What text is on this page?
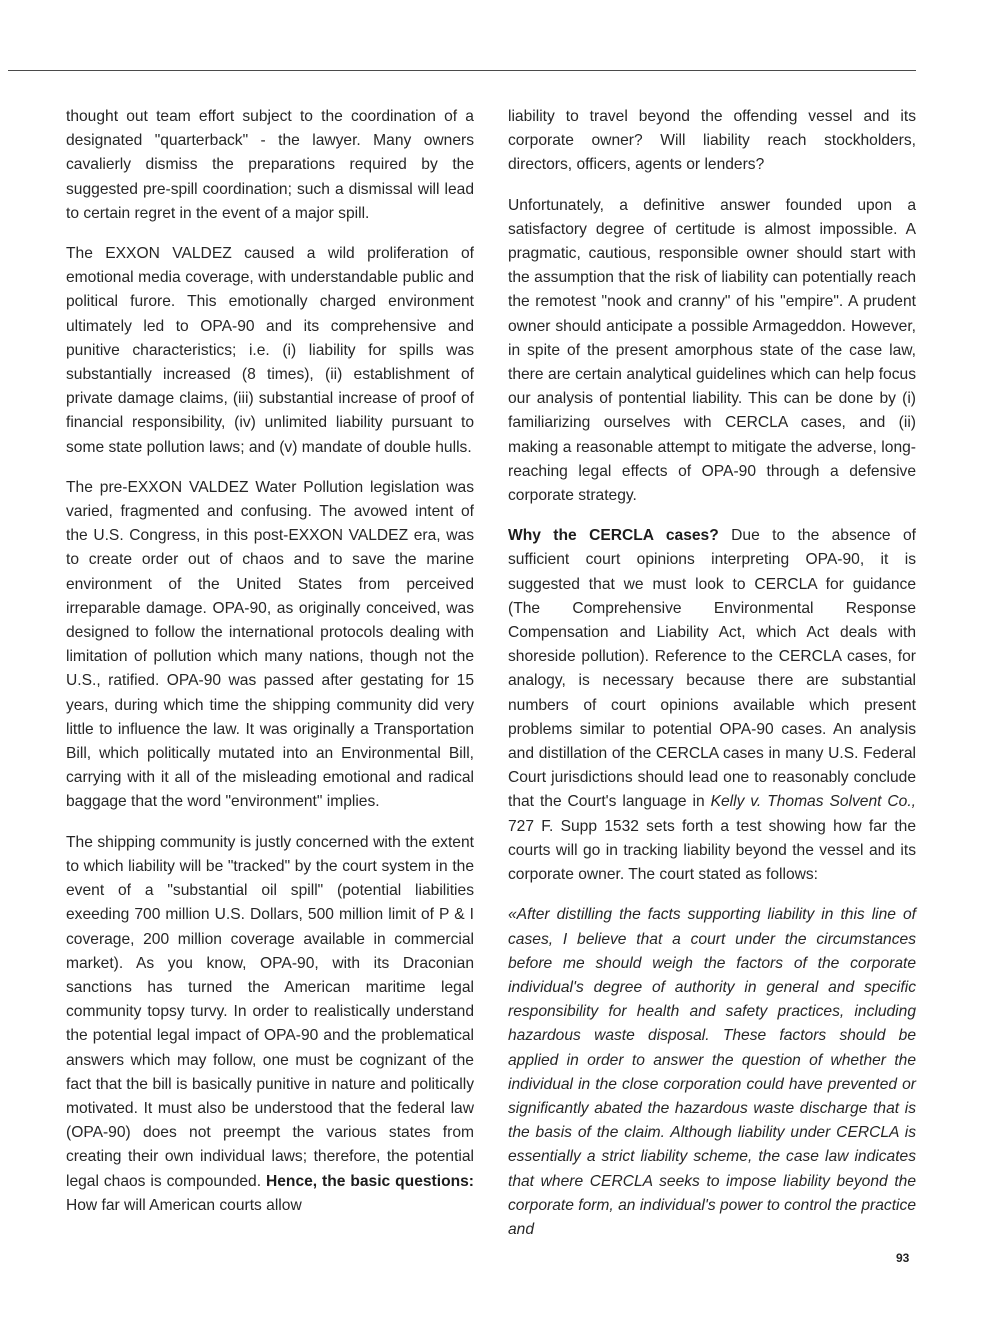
thought out team effort subject to the coordination of a designated "quarterback" - the lawyer. Many owners cavalierly dismiss the preparations required by the suggested pre-spill coordination; such a dismissal will lead to certain regret in the event of a major spill.

The EXXON VALDEZ caused a wild proliferation of emotional media coverage, with understandable public and political furore. This emotionally charged environment ultimately led to OPA-90 and its comprehensive and punitive characteristics; i.e. (i) liability for spills was substantially increased (8 times), (ii) establishment of private damage claims, (iii) substantial increase of proof of financial responsibility, (iv) unlimited liability pursuant to some state pollution laws; and (v) mandate of double hulls.

The pre-EXXON VALDEZ Water Pollution legislation was varied, fragmented and confusing. The avowed intent of the U.S. Congress, in this post-EXXON VALDEZ era, was to create order out of chaos and to save the marine environment of the United States from perceived irreparable damage. OPA-90, as originally conceived, was designed to follow the international protocols dealing with limitation of pollution which many nations, though not the U.S., ratified. OPA-90 was passed after gestating for 15 years, during which time the shipping community did very little to influence the law. It was originally a Transportation Bill, which politically mutated into an Environmental Bill, carrying with it all of the misleading emotional and radical baggage that the word "environment" implies.

The shipping community is justly concerned with the extent to which liability will be "tracked" by the court system in the event of a "substantial oil spill" (potential liabilities exeeding 700 million U.S. Dollars, 500 million limit of P & I coverage, 200 million coverage available in commercial market). As you know, OPA-90, with its Draconian sanctions has turned the American maritime legal community topsy turvy. In order to realistically understand the potential legal impact of OPA-90 and the problematical answers which may follow, one must be cognizant of the fact that the bill is basically punitive in nature and politically motivated. It must also be understood that the federal law (OPA-90) does not preempt the various states from creating their own individual laws; therefore, the potential legal chaos is compounded. Hence, the basic questions: How far will American courts allow

liability to travel beyond the offending vessel and its corporate owner? Will liability reach stockholders, directors, officers, agents or lenders?

Unfortunately, a definitive answer founded upon a satisfactory degree of certitude is almost impossible. A pragmatic, cautious, responsible owner should start with the assumption that the risk of liability can potentially reach the remotest "nook and cranny" of his "empire". A prudent owner should anticipate a possible Armageddon. However, in spite of the present amorphous state of the case law, there are certain analytical guidelines which can help focus our analysis of pontential liability. This can be done by (i) familiarizing ourselves with CERCLA cases, and (ii) making a reasonable attempt to mitigate the adverse, long-reaching legal effects of OPA-90 through a defensive corporate strategy.

Why the CERCLA cases? Due to the absence of sufficient court opinions interpreting OPA-90, it is suggested that we must look to CERCLA for guidance (The Comprehensive Environmental Response Compensation and Liability Act, which Act deals with shoreside pollution). Reference to the CERCLA cases, for analogy, is necessary because there are substantial numbers of court opinions available which present problems similar to potential OPA-90 cases. An analysis and distillation of the CERCLA cases in many U.S. Federal Court jurisdictions should lead one to reasonably conclude that the Court's language in Kelly v. Thomas Solvent Co., 727 F. Supp 1532 sets forth a test showing how far the courts will go in tracking liability beyond the vessel and its corporate owner. The court stated as follows:

«After distilling the facts supporting liability in this line of cases, I believe that a court under the circumstances before me should weigh the factors of the corporate individual's degree of authority in general and specific responsibility for health and safety practices, including hazardous waste disposal. These factors should be applied in order to answer the question of whether the individual in the close corporation could have prevented or significantly abated the hazardous waste discharge that is the basis of the claim. Although liability under CERCLA is essentially a strict liability scheme, the case law indicates that where CERCLA seeks to impose liability beyond the corporate form, an individual's power to control the practice and

93
